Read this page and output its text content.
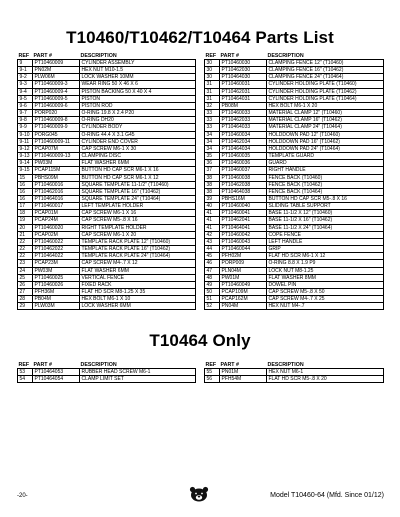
T10460/T10462/T10464 Parts List
REF	PART #	DESCRIPTION
9	PT10460009	CYLINDER ASSEMBLY
9-1	PN02M	HEX NUT M10-1.5
9-2	PLW06M	LOCK WASHER 10MM
9-3	PT10460009-3	WEAR RING 50 X 46 X 6
9-4	PT10460009-4	PISTON BACKING 50 X 40 X 4
9-5	PT10460009-5	PISTON
9-6	PT10460009-6	PISTON ROD
9-7	PORP020	O-RING 19.8 X 2.4 P20
9-8	PT10460009-8	O-RING DH20
9-9	PT10460009-9	CYLINDER BODY
9-10	PORG045	O-RING 44.4 X 3.1 G45
9-11	PT10460009-11	CYLINDER END COVER
9-12	PCAP07M	CAP SCREW M6-1 X 30
9-13	PT10460009-13	CLAMPING DISC
9-14	PW03M	FLAT WASHER 6MM
9-15	PCAP115M	BUTTON HD CAP SCR M6-1 X 16
15	PBHS09M	BUTTON HD CAP SCR M6-1 X 12
16	PT10460016	SQUARE TEMPLATE 11-1/2" (T10460)
16	PT10462016	SQUARE TEMPLATE 16" (T10462)
16	PT10464016	SQUARE TEMPLATE 24" (T10464)
17	PT10460017	LEFT TEMPLATE HOLDER
18	PCAP01M	CAP SCREW M6-1 X 16
19	PCAP24M	CAP SCREW M5-.8 X 16
20	PT10460020	RIGHT TEMPLATE HOLDER
21	PCAP02M	CAP SCREW M6-1 X 20
22	PT10460022	TEMPLATE RACK PLATE 12" (T10460)
22	PT10462022	TEMPLATE RACK PLATE 16" (T10462)
22	PT10464022	TEMPLATE RACK PLATE 24" (T10464)
23	PCAP23M	CAP SCREW M4-.7 X 12
24	PW03M	FLAT WASHER 6MM
25	PT10460025	VERTICAL FENCE
26	PT10460026	FIXED RACK
27	PFH36M	FLAT HD SCR M8-1.25 X 35
28	PB04M	HEX BOLT M6-1 X 10
29	PLW03M	LOCK WASHER 6MM
REF	PART #	DESCRIPTION
30	PT10460030	CLAMPING FENCE 12" (T10460)
30	PT10462030	CLAMPING FENCE 16" (T10462)
30	PT10464030	CLAMPING FENCE 24" (T10464)
31	PT10460031	CYLINDER HOLDING PLATE (T10460)
31	PT10462031	CYLINDER HOLDING PLATE (T10462)
31	PT10464031	CYLINDER HOLDING PLATE (T10464)
32	PB08M	HEX BOLT M6-1 X 20
33	PT10460033	MATERIAL CLAMP 12" (T10460)
33	PT10462033	MATERIAL CLAMP 16" (T10462)
33	PT10464033	MATERIAL CLAMP 24" (T10464)
34	PT10460034	HOLDDOWN PAD 12" (T10460)
34	PT10462034	HOLDDOWN PAD 16" (T10462)
34	PT10464034	HOLDDOWN PAD 24" (T10464)
35	PT10460035	TEMPLATE GUARD
36	PT10460036	GUARD
37	PT10460037	RIGHT HANDLE
38	PT10460038	FENCE BACK (T10460)
38	PT10462038	FENCE BACK (T10462)
38	PT10464038	FENCE BACK (T10464)
39	PBHS16M	BUTTON HD CAP SCR M5-.8 X 16
40	PT10460040	SLIDING TABLE SUPPORT
41	PT10460041	BASE 11-1/2 X 12" (T10460)
41	PT10462041	BASE 11-1/2 X 16" (T10462)
41	PT10464041	BASE 11-1/2 X 24" (T10464)
42	PT10460042	COPE FENCE
43	PT10460043	LEFT HANDLE
44	PT10460044	GRIP
45	PFH02M	FLAT HD SCR M6-1 X 12
46	PORP009	O-RING 8.8 X 1.9 P9
47	PLN04M	LOCK NUT M8-1.25
48	PW01M	FLAT WASHER 8MM
49	PT10460049	DOWEL PIN
50	PCAP109M	CAP SCREW M5-.8 X 50
51	PCAP162M	CAP SCREW M4-.7 X 25
52	PN04M	HEX NUT M4-.7
T10464 Only
REF	PART #	DESCRIPTION
53	PT10464053	RUBBER HEAD SCREW M6-1
54	PT10464054	CLAMP LIMIT SET
REF	PART #	DESCRIPTION
55	PN01M	HEX NUT M6-1
56	PFH54M	FLAT HD SCR M5-.8 X 20
-20-	Model T10460-64 (Mfd. Since 01/12)
